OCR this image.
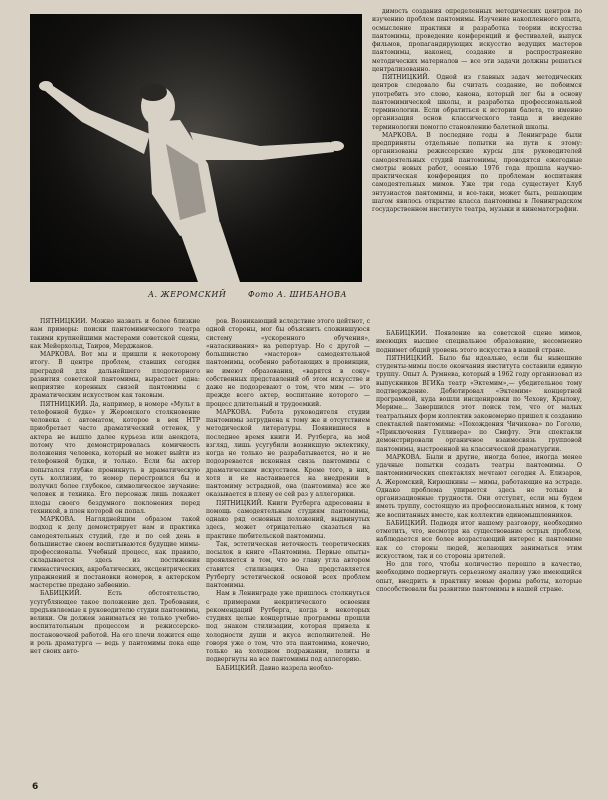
А. ЖЕРОМСКИЙ	Фото А. ШИБАНОВА

димость создания определенных методических центров по изучению проблем пантомимы. Изучение накопленного опыта, осмысление практики и разработка теории искусства пантомимы, проведение конференций и фестивалей, выпуск фильмов, пропагандирующих искусство ведущих мастеров пантомимы, наконец, создание и распространение методических материалов — все эти задачи должны решаться централизованно.

ПЯТНИЦКИЙ. Одной из главных задач методических центров следовало бы считать создание, не побоимся употребить это слово, канона, который лег бы в основу пантомимической школы, и разработка профессиональной терминологии. Если обратиться к истории балета, то именно организация основ классического танца и введение терминологии помогло становлению балетной школы.

МАРКОВА. В последние годы в Ленинграде были предприняты отдельные попытки на пути к этому: организованы режиссерские курсы для руководителей самодеятельных студий пантомимы, проводятся ежегодные смотры новых работ, осенью 1976 года прошла научно-практическая конференция по проблемам воспитания самодеятельных мимов. Уже три года существует Клуб энтузиастов пантомимы, и все-таки, может быть, решающим шагом явилось открытие класса пантомимы в Ленинградском государственном институте театра, музыки и кинематографии.

ПЯТНИЦКИЙ. Можно назвать и более близкие нам примеры: поиски пантомимического театра такими крупнейшими мастерами советской сцены, как Мейерхольд, Таиров, Мерджанов.

МАРКОВА. Вот мы и пришли к некоторому итогу. В центре проблем, ставших сегодня преградой для дальнейшего плодотворного развития советской пантомимы, вырастает одна: неприятие коренных связей пантомимы с драматическим искусством как таковым.

ПЯТНИЦКИЙ. Да, например, в номере «Мульт в телефонной будке» у Жеромского столкновение человека с автоматом, которое в век НТР приобретает часто драматический оттенок, у актера не вышло далее курьеза или анекдота, потому что демонстрировалась комичность положения человека, который не может выйти из телефонной будки, и только. Если бы актер попытался глубже проникнуть в драматическую суть коллизии, то номер перестроился бы и получил более глубокое, символическое звучание: человек и техника. Его персонаж лишь покажет плоды своего бездумного поклонения перед техникой, в плен которой он попал.

МАРКОВА. Нагляднейшим образом такой подход к делу демонстрирует нам и практика самодеятельных студий, где и по сей день в большинстве своем воспитываются будущие мимы-профессионалы. Учебный процесс, как правило, складывается здесь из постижения гимнастических, акробатических, эксцентрических упражнений и постановки номеров, в актерском мастерстве предано забвению.

БАБИЦКИЙ. Есть обстоятельство, усугубляющее такое положение дел. Требования, предъявляемые к руководителю студии пантомимы, велики. Он должен заниматься не только учебно-воспитательным процессом и режиссерско-постановочной работой. На его плечи ложится еще и роль драматурга — ведь у пантомимы пока еще нет своих авто-

ров. Возникающий вследствие этого цейтнот, с одной стороны, мог бы объяснить сложившуюся систему «ускоренного обучения», «натаскивания» на репертуар. Но с другой — большинство «мастеров» самодеятельной пантомимы, особенно работающих в провинции, не имеют образования, «варятся в соку» собственных представлений об этом искусстве и даже не подозревают о том, что мим — это прежде всего актер, воспитание которого — процесс длительный и трудоемкий.

МАРКОВА. Работа руководителя студии пантомимы затруднена к тому же и отсутствием методической литературы. Появившиеся в последнее время книги И. Рутберга, на мой взгляд, лишь усугубили возникшую эклектику, когда не только не разрабатывается, но и не подозревается исконная связь пантомимы с драматическим искусством. Кроме того, в них, хотя и не настаивается на внедрении в пантомиму эстрадной, она (пантомима) все же оказывается в плену ее сей раз у аллегорики.

ПЯТНИЦКИЙ. Книги Рутберга адресованы в помощь самодеятельным студиям пантомимы, однако ряд основных положений, выдвинутых здесь, может отрицательно сказаться на практике любительской пантомимы.

Так, эстетическая неточность теоретических посылок в книге «Пантомима. Первые опыты» проявляется в том, что во главу угла автором ставится стилизация. Она представляется Рутбергу эстетической основой всех проблем пантомимы.

Нам в Ленинграде уже пришлось столкнуться с примерами некритического освоения рекомендаций Рутберга, когда в некоторых студиях целые концертные программы прошли под знаком стилизации, которая привела к холодности души и вкуса исполнителей. Не говоря уже о том, что эта пантомима, конечно, только на холодном подражании, политы и подвергнуты на все пантомимы под аллегорию.

БАБИЦКИЙ. Давно назрела необхо-

БАБИЦКИЙ. Появление на советской сцене мимов, имеющих высшее специальное образование, несомненно поднимет общий уровень этого искусства в нашей стране.

ПЯТНИЦКИЙ. Было бы идеально, если бы нынешние студенты-мимы после окончания института составили единую труппу. Опыт А. Румнева, который в 1962 году организовал из выпускников ВГИКа театр «Эктемим»,— убедительное тому подтверждение. Дебютировал «Эктемим» концертной программой, куда вошли инсценировки по Чехову, Крылову, Мериме... Завершился этот поиск тем, что от малых театральных форм коллектив закономерно пришел к созданию спектаклей пантомимы: «Похождения Чичикова» по Гоголю, «Приключения Гулливера» по Свифту. Эти спектакли демонстрировали органичное взаимосвязь групповой пантомимы, выстроенной на классической драматургии.

МАРКОВА. Были и другие, иногда более, иногда менее удачные попытки создать театры пантомимы. О пантомимических спектаклях мечтают сегодня А. Елизаров, А. Жеромский, Кирюшкины — мимы, работающие на эстраде. Однако проблема упирается здесь не только в организационные трудности. Они отступят, если мы будем иметь труппу, состоящую из профессиональных мимов, к тому же воспитанных вместе, как коллектив единомышленников.

БАБИЦКИЙ. Подводя итог нашему разговору, необходимо отметить, что, несмотря на существование острых проблем, наблюдается все более возрастающий интерес к пантомиме как со стороны людей, желающих заниматься этим искусством, так и со стороны зрителей.

Но для того, чтобы количество перешло в качество, необходимо подвергнуть серьезному анализу уже имеющийся опыт, внедрить в практику новые формы работы, которые способствовали бы развитию пантомимы в нашей стране.

6
